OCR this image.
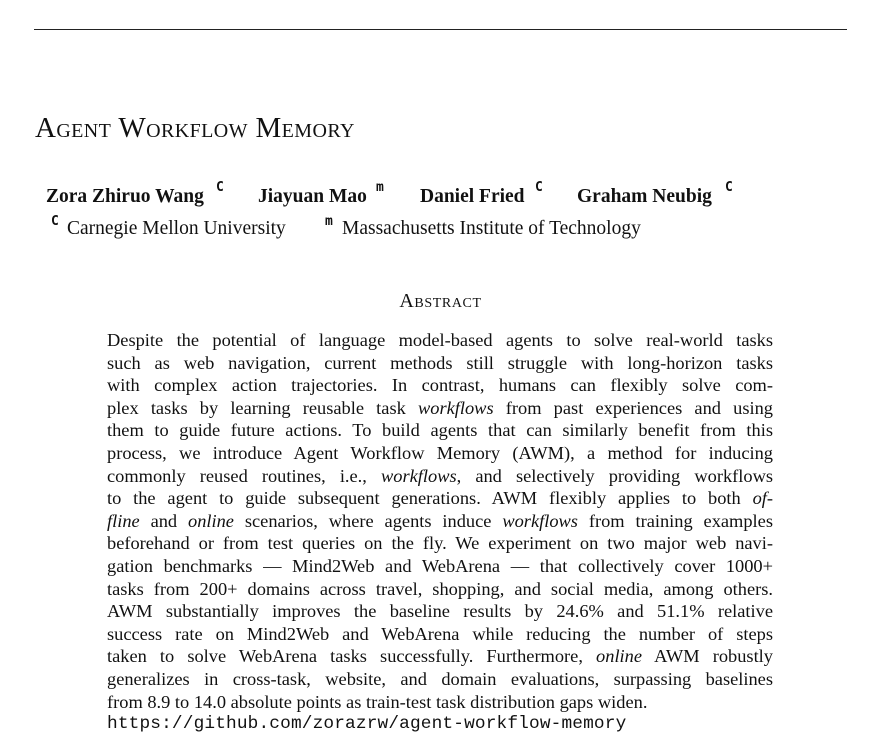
Agent Workflow Memory
Zora Zhiruo Wang C Jiayuan Mao m Daniel Fried C Graham Neubig C
C Carnegie Mellon University	m Massachusetts Institute of Technology
Abstract
Despite the potential of language model-based agents to solve real-world tasks
such as web navigation, current methods still struggle with long-horizon tasks
with complex action trajectories. In contrast, humans can flexibly solve com-
plex tasks by learning reusable task workflows from past experiences and using
them to guide future actions. To build agents that can similarly benefit from this
process, we introduce Agent Workflow Memory (AWM), a method for inducing
commonly reused routines, i.e., workflows, and selectively providing workflows
to the agent to guide subsequent generations. AWM flexibly applies to both of-
fline and online scenarios, where agents induce workflows from training examples
beforehand or from test queries on the fly. We experiment on two major web navi-
gation benchmarks — Mind2Web and WebArena — that collectively cover 1000+
tasks from 200+ domains across travel, shopping, and social media, among others.
AWM substantially improves the baseline results by 24.6% and 51.1% relative
success rate on Mind2Web and WebArena while reducing the number of steps
taken to solve WebArena tasks successfully. Furthermore, online AWM robustly
generalizes in cross-task, website, and domain evaluations, surpassing baselines
from 8.9 to 14.0 absolute points as train-test task distribution gaps widen.
https://github.com/zorazrw/agent-workflow-memory
